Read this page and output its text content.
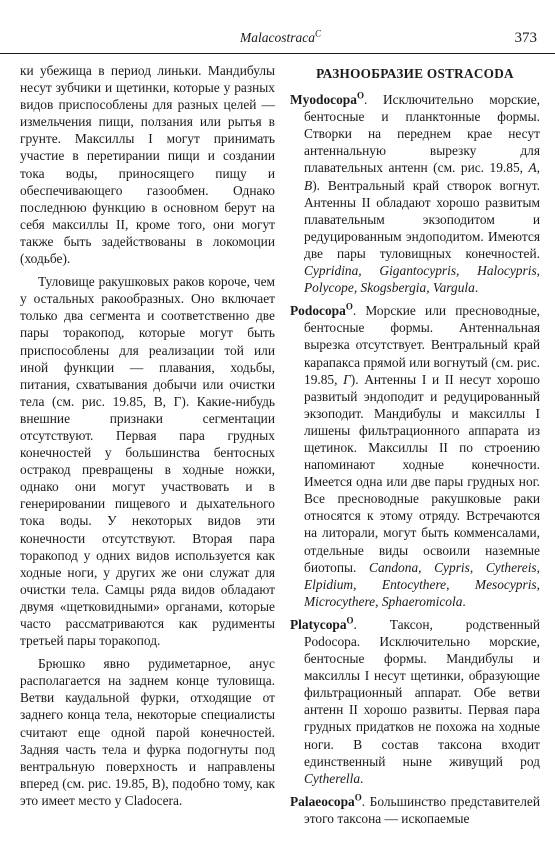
Malacostraca$^C$	373

ки убежища в период линьки. Мандибулы несут зубчики и щетинки, которые у разных видов приспособлены для разных целей — измельчения пищи, ползания или рытья в грунте. Максиллы I могут принимать участие в перетирании пищи и создании тока воды, приносящего пищу и обеспечивающего газообмен. Однако последнюю функцию в основном берут на себя максиллы II, кроме того, они могут также быть задействованы в локомоции (ходьбе).

Туловище ракушковых раков короче, чем у остальных ракообразных. Оно включает только два сегмента и соответственно две пары торакопод, которые могут быть приспособлены для реализации той или иной функции — плавания, ходьбы, питания, схватывания добычи или очистки тела (см. рис. 19.85, В, Г). Какие-нибудь внешние признаки сегментации отсутствуют. Первая пара грудных конечностей у большинства бентосных остракод превращены в ходные ножки, однако они могут участвовать и в генерировании пищевого и дыхательного тока воды. У некоторых видов эти конечности отсутствуют. Вторая пара торакопод у одних видов используется как ходные ноги, у других же они служат для очистки тела. Самцы ряда видов обладают двумя «щетковидными» органами, которые часто рассматриваются как рудименты третьей пары торакопод.

Брюшко явно рудиметарное, анус располагается на заднем конце туловища. Ветви каудальной фурки, отходящие от заднего конца тела, некоторые специалисты считают еще одной парой конечностей. Задняя часть тела и фурка подогнуты под вентральную поверхность и направлены вперед (см. рис. 19.85, В), подобно тому, как это имеет место у Cladocera.

РАЗНООБРАЗИЕ OSTRACODA

Myodocopa$^O$. Исключительно морские, бентосные и планктонные формы. Створки на переднем крае несут антеннальную вырезку для плавательных антенн (см. рис. 19.85, А, В). Вентральный край створок вогнут. Антенны II обладают хорошо развитым плавательным экзоподитом и редуцированным эндоподитом. Имеются две пары туловищных конечностей. Cypridina, Gigantocypris, Halocypris, Polycope, Skogsbergia, Vargula.

Podocopa$^O$. Морские или пресноводные, бентосные формы. Антеннальная вырезка отсутствует. Вентральный край карапакса прямой или вогнутый (см. рис. 19.85, Г). Антенны I и II несут хорошо развитый эндоподит и редуцированный экзоподит. Мандибулы и максиллы I лишены фильтрационного аппарата из щетинок. Максиллы II по строению напоминают ходные конечности. Имеется одна или две пары грудных ног. Все пресноводные ракушковые раки относятся к этому отряду. Встречаются на литорали, могут быть комменсалами, отдельные виды освоили наземные биотопы. Candona, Cypris, Cythereis, Elpidium, Entocythere, Mesocypris, Microcythere, Sphaeromicola.

Platycopa$^O$. Таксон, родственный Podocopa. Исключительно морские, бентосные формы. Мандибулы и максиллы I несут щетинки, образующие фильтрационный аппарат. Обе ветви антенн II хорошо развиты. Первая пара грудных придатков не похожа на ходные ноги. В состав таксона входит единственный ныне живущий род Cytherella.

Palaeocopa$^O$. Большинство представителей этого таксона — ископаемые
